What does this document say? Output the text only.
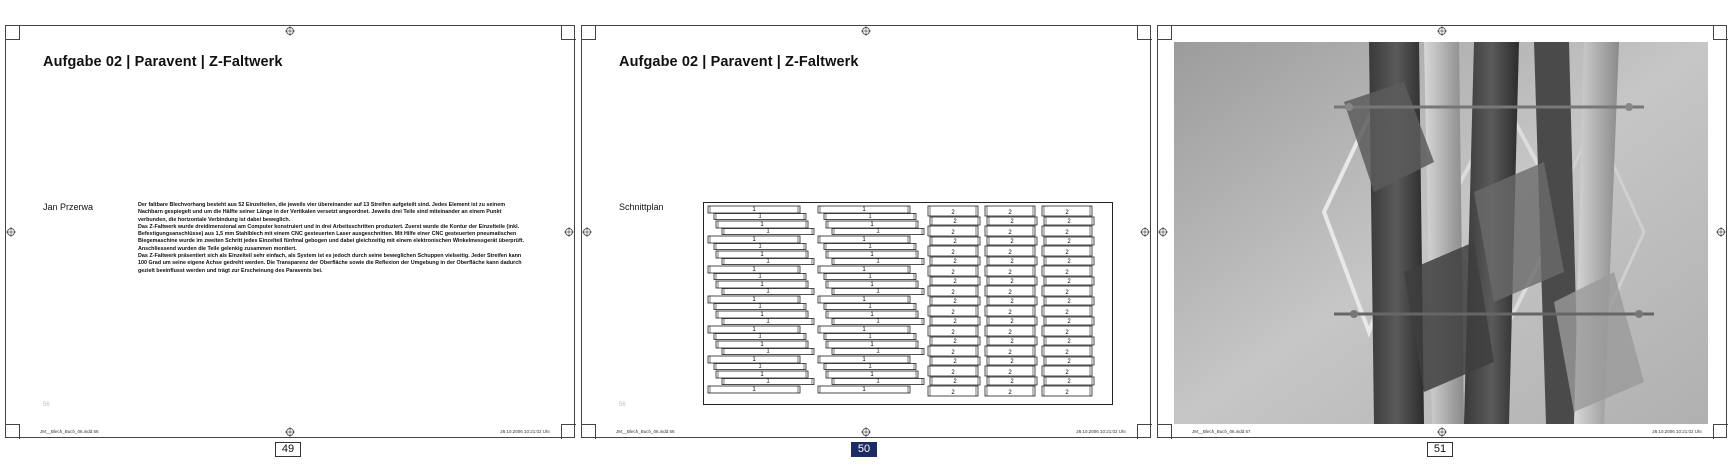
Aufgabe 02 | Paravent | Z-Faltwerk
Jan Przerwa	Der faltbare Blechvorhang besteht aus 52 Einzelteilen, die jeweils vier übereinander auf 13 Streifen aufgeteilt sind. Jedes Element ist zu seinem Nachbarn gespiegelt und um die Hälfte seiner Länge in der Vertikalen versetzt angeordnet. Jeweils drei Teile sind miteinander an einem Punkt verbunden, die horizontale Verbindung ist dabei beweglich.

Das Z-Faltwerk wurde dreidimensional am Computer konstruiert und in drei Arbeitsschritten produziert. Zuerst wurde die Kontur der Einzelteile (inkl. Befestigungsanschlüsse) aus 1,5 mm Stahlblech mit einem CNC gesteuerten Laser ausgeschnitten. Mit Hilfe einer CNC gesteuerten pneumatischen Biegemaschine wurde im zweiten Schritt jedes Einzelteil fünfmal gebogen und dabei gleichzeitig mit einem elektronischen Winkelmessgerät überprüft. Anschliessend wurden die Teile gelenkig zusammen montiert.

Das Z-Faltwerk präsentiert sich als Einzelteil sehr einfach, als System ist es jedoch durch seine beweglichen Schuppen vielseitig. Jeder Streifen kann 100 Grad um seine eigene Achse gedreht werden. Die Transparenz der Oberfläche sowie die Reflexion der Umgebung in der Oberfläche kann dadurch gezielt beeinflusst werden und trägt zur Erscheinung des Paravents bei.

56
JM__Blech_Buch_06.indd 56	26.10.2006 10:21:02 Uhr
Aufgabe 02 | Paravent | Z-Faltwerk
Schnittplan	1
1
1
1
1
1
1
1
1
1
1
1
1
1
1
1
1
1
1
1
1
1
1
1
1
1
1
1
1
1
1
1
1
1
1
1
1
1
1
1
1
1
1
1
1
1
1
1
1
1
2
2
2
2
2
2
2
2
2
2
2
2
2
2
2
2
2
2
2
2
2
2
2
2
2
2
2
2
2
2
2
2
2
2
2
2
2
2
2
2
2
2
2
2
2
2
2
2
2
2
2
2
2
2
2
2
2
56
JM__Blech_Buch_06.indd 56	26.10.2006 10:21:02 Uhr	JM__Blech_Buch_06.indd 57	26.10.2006 10:21:02 Uhr
49	50	51
